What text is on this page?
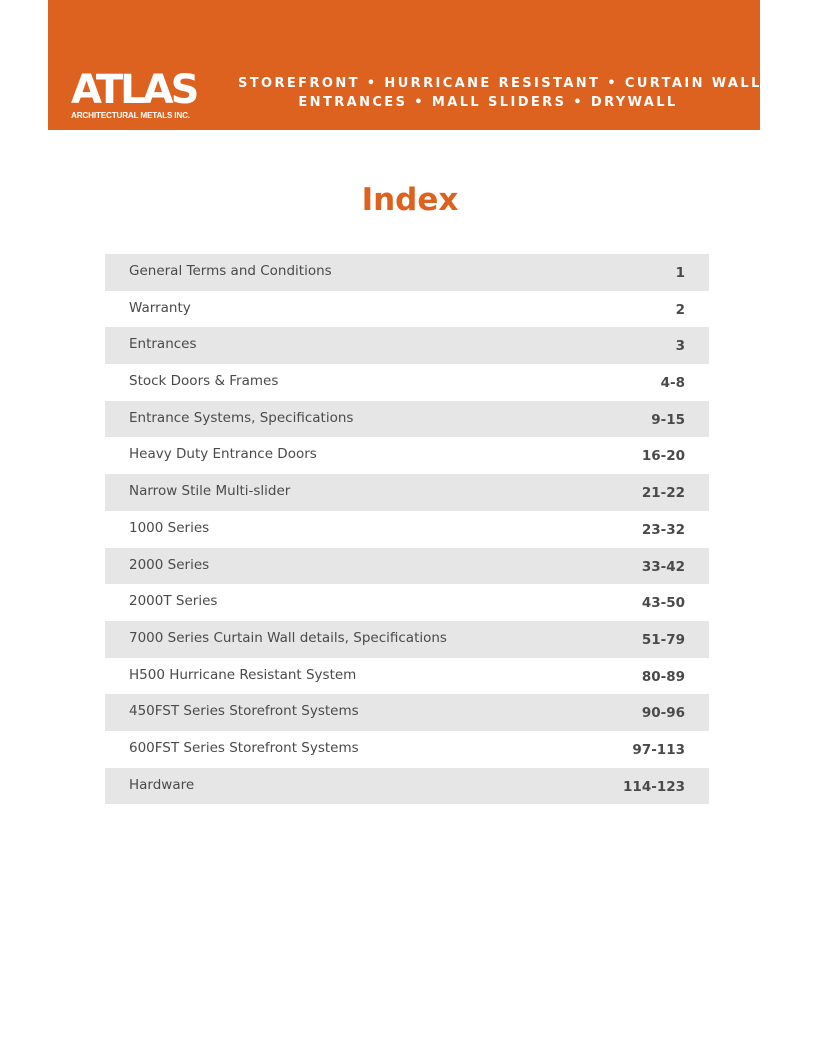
ATLAS
ARCHITECTURAL METALS INC.
STOREFRONT • HURRICANE RESISTANT • CURTAIN WALL
ENTRANCES • MALL SLIDERS • DRYWALL
Index
General Terms and Conditions	1
Warranty	2
Entrances	3
Stock Doors & Frames	4-8
Entrance Systems, Specifications	9-15
Heavy Duty Entrance Doors	16-20
Narrow Stile Multi-slider	21-22
1000 Series	23-32
2000 Series	33-42
2000T Series	43-50
7000 Series Curtain Wall details, Specifications	51-79
H500 Hurricane Resistant System	80-89
450FST Series Storefront Systems	90-96
600FST Series Storefront Systems	97-113
Hardware	114-123
